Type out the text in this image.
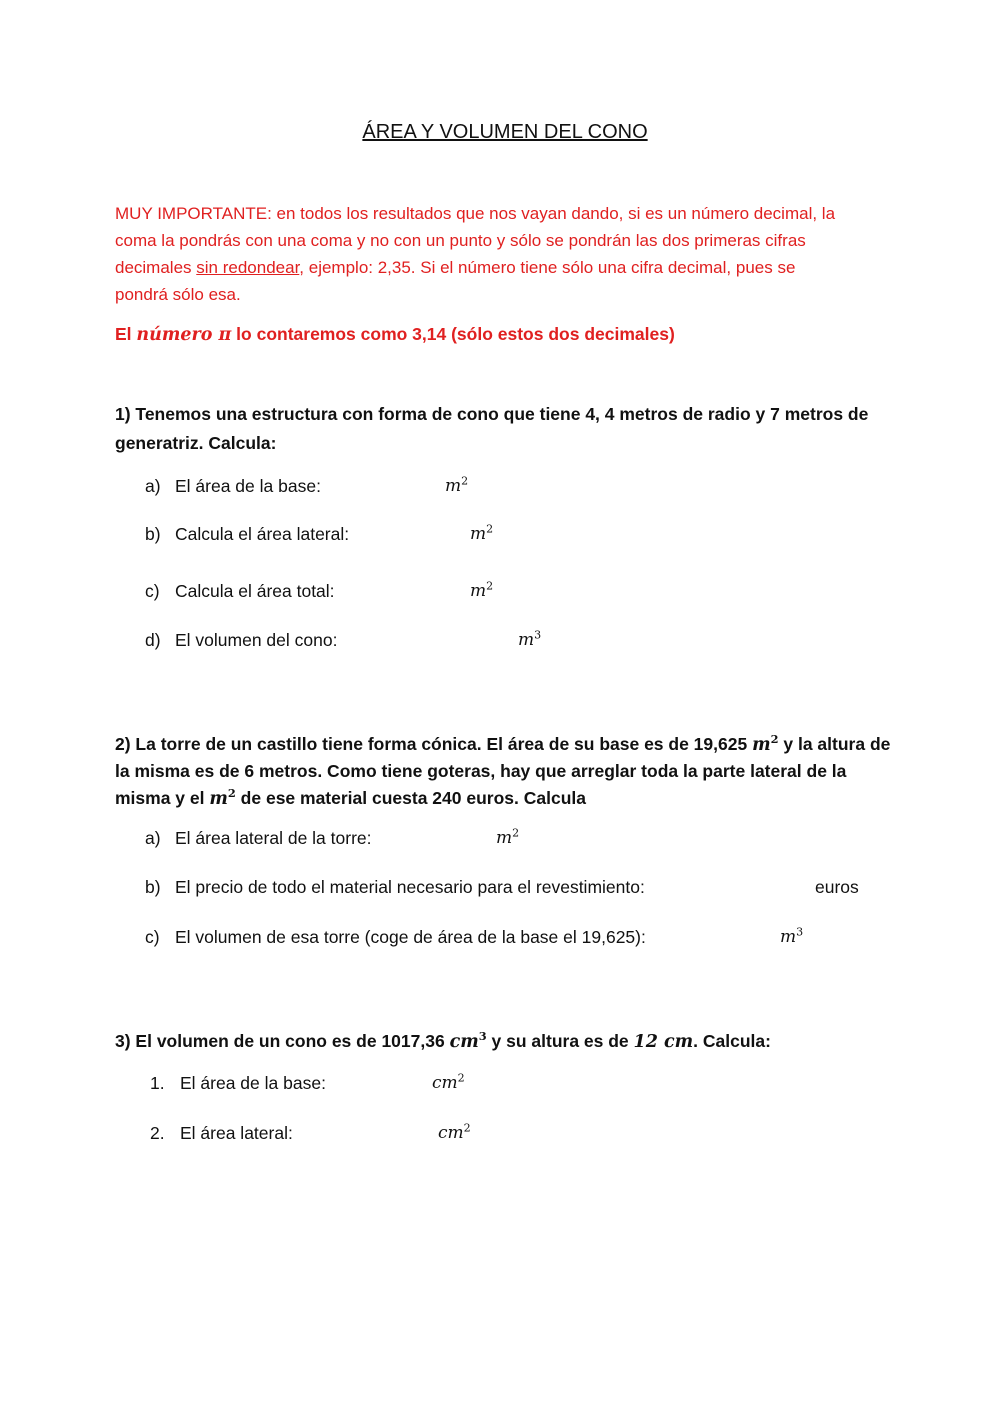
ÁREA Y VOLUMEN DEL CONO
MUY IMPORTANTE: en todos los resultados que nos vayan dando, si es un número decimal, la
coma la pondrás con una coma y no con un punto y sólo se pondrán las dos primeras cifras
decimales sin redondear, ejemplo: 2,35. Si el número tiene sólo una cifra decimal, pues se
pondrá sólo esa.
El número π lo contaremos como 3,14 (sólo estos dos decimales)
1) Tenemos una estructura con forma de cono que tiene 4, 4 metros de radio y 7 metros de
generatriz. Calcula:
a) El área de la base:	$m^2$
b) Calcula el área lateral:	$m^2$
c) Calcula el área total:	$m^2$
d) El volumen del cono:	$m^3$
2) La torre de un castillo tiene forma cónica. El área de su base es de 19,625 $m^2$ y la altura de
la misma es de 6 metros. Como tiene goteras, hay que arreglar toda la parte lateral de la
misma y el $m^2$ de ese material cuesta 240 euros. Calcula
a) El área lateral de la torre:	$m^2$
b) El precio de todo el material necesario para el revestimiento:	euros
c) El volumen de esa torre (coge de área de la base el 19,625):	$m^3$
3) El volumen de un cono es de 1017,36 $cm^3$ y su altura es de 12 cm. Calcula:
1. El área de la base:	$cm^2$
2. El área lateral:	$cm^2$
